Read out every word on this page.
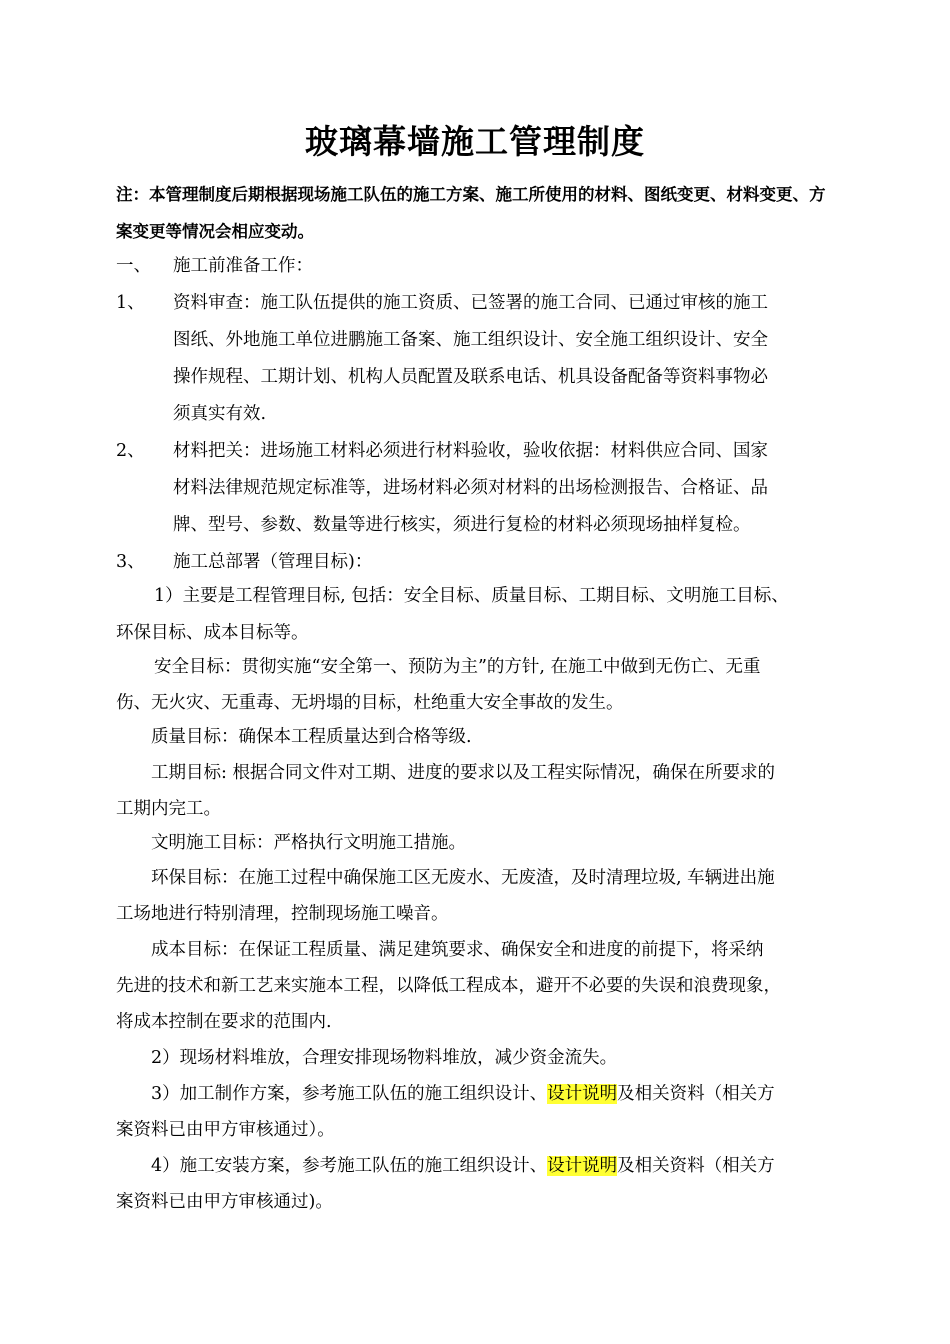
玻璃幕墙施工管理制度
注：本管理制度后期根据现场施工队伍的施工方案、施工所使用的材料、图纸变更、材料变更、方案变更等情况会相应变动。
一、 施工前准备工作：
1、 资料审查：施工队伍提供的施工资质、已签署的施工合同、已通过审核的施工
图纸、外地施工单位进鹏施工备案、施工组织设计、安全施工组织设计、安全
操作规程、工期计划、机构人员配置及联系电话、机具设备配备等资料事物必
须真实有效.
2、 材料把关：进场施工材料必须进行材料验收，验收依据：材料供应合同、国家
材料法律规范规定标准等，进场材料必须对材料的出场检测报告、合格证、品
牌、型号、参数、数量等进行核实，须进行复检的材料必须现场抽样复检。
3、 施工总部署（管理目标)：
1）主要是工程管理目标, 包括：安全目标、质量目标、工期目标、文明施工目标、
环保目标、成本目标等。
安全目标：贯彻实施“安全第一、预防为主”的方针, 在施工中做到无伤亡、无重
伤、无火灾、无重毒、无坍塌的目标，杜绝重大安全事故的发生。
质量目标：确保本工程质量达到合格等级.
工期目标: 根据合同文件对工期、进度的要求以及工程实际情况，确保在所要求的
工期内完工。
文明施工目标：严格执行文明施工措施。
环保目标：在施工过程中确保施工区无废水、无废渣，及时清理垃圾, 车辆进出施
工场地进行特别清理，控制现场施工噪音。
成本目标：在保证工程质量、满足建筑要求、确保安全和进度的前提下，将采纳
先进的技术和新工艺来实施本工程，以降低工程成本，避开不必要的失误和浪费现象，
将成本控制在要求的范围内.
2）现场材料堆放，合理安排现场物料堆放，减少资金流失。
3）加工制作方案，参考施工队伍的施工组织设计、设计说明及相关资料（相关方
案资料已由甲方审核通过）。
4）施工安装方案，参考施工队伍的施工组织设计、设计说明及相关资料（相关方
案资料已由甲方审核通过)。
